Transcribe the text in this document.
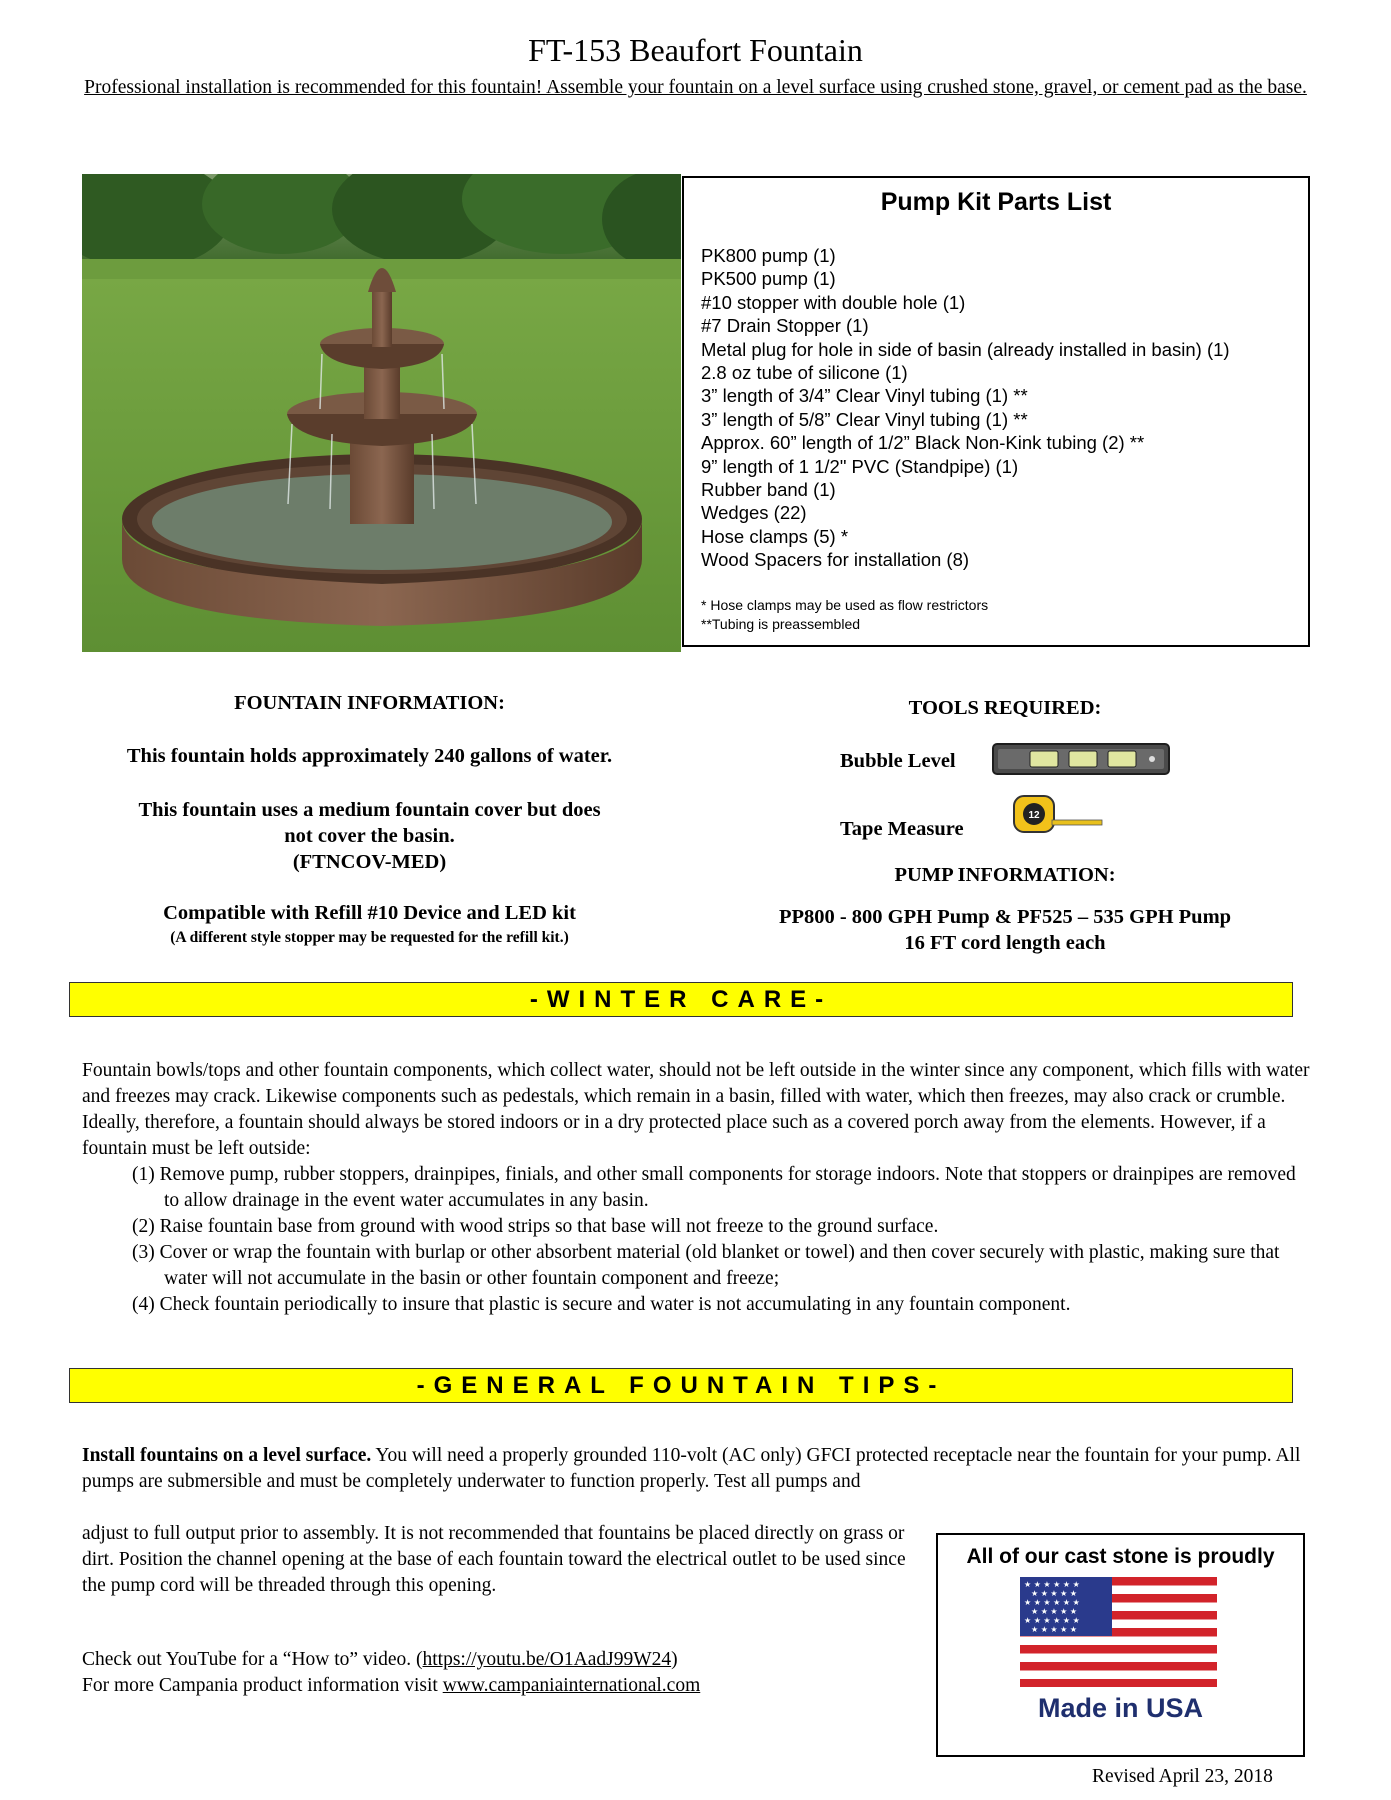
FT-153 Beaufort Fountain
Professional installation is recommended for this fountain! Assemble your fountain on a level surface using crushed stone, gravel, or cement pad as the base.
Pump Kit Parts List
PK800 pump (1)
PK500 pump (1)
#10 stopper with double hole (1)
#7 Drain Stopper (1)
Metal plug for hole in side of basin (already installed in basin) (1)
2.8 oz tube of silicone (1)
3” length of 3/4” Clear Vinyl tubing (1) **
3” length of 5/8” Clear Vinyl tubing (1) **
Approx. 60” length of 1/2” Black Non-Kink tubing (2) **
9” length of 1 1/2" PVC (Standpipe) (1)
Rubber band (1)
Wedges (22)
Hose clamps (5) *
Wood Spacers for installation (8)
* Hose clamps may be used as flow restrictors
**Tubing is preassembled
FOUNTAIN INFORMATION:
This fountain holds approximately 240 gallons of water.
This fountain uses a medium fountain cover but does
not cover the basin.
(FTNCOV-MED)
Compatible with Refill #10 Device and LED kit
(A different style stopper may be requested for the refill kit.)
TOOLS REQUIRED:
Bubble Level
Tape Measure
12
PUMP INFORMATION:
PP800 - 800 GPH Pump & PF525 – 535 GPH Pump
16 FT cord length each
-WINTER CARE-
Fountain bowls/tops and other fountain components, which collect water, should not be left outside in the winter since any component, which fills with water and freezes may crack. Likewise components such as pedestals, which remain in a basin, filled with water, which then freezes, may also crack or crumble. Ideally, therefore, a fountain should always be stored indoors or in a dry protected place such as a covered porch away from the elements. However, if a fountain must be left outside:
(1) Remove pump, rubber stoppers, drainpipes, finials, and other small components for storage indoors. Note that stoppers or drainpipes are removed to allow drainage in the event water accumulates in any basin.
(2) Raise fountain base from ground with wood strips so that base will not freeze to the ground surface.
(3) Cover or wrap the fountain with burlap or other absorbent material (old blanket or towel) and then cover securely with plastic, making sure that water will not accumulate in the basin or other fountain component and freeze;
(4) Check fountain periodically to insure that plastic is secure and water is not accumulating in any fountain component.
-GENERAL FOUNTAIN TIPS-
Install fountains on a level surface. You will need a properly grounded 110-volt (AC only) GFCI protected receptacle near the fountain for your pump. All pumps are submersible and must be completely underwater to function properly. Test all pumps and
adjust to full output prior to assembly. It is not recommended that fountains be placed directly on grass or dirt. Position the channel opening at the base of each fountain toward the electrical outlet to be used since the pump cord will be threaded through this opening.
Check out YouTube for a “How to” video. (https://youtu.be/O1AadJ99W24)
For more Campania product information visit www.campaniainternational.com
All of our cast stone is proudly
★ ★ ★ ★ ★ ★
★ ★ ★ ★ ★
★ ★ ★ ★ ★ ★
★ ★ ★ ★ ★
★ ★ ★ ★ ★ ★
★ ★ ★ ★ ★
Made in USA
Revised April 23, 2018
